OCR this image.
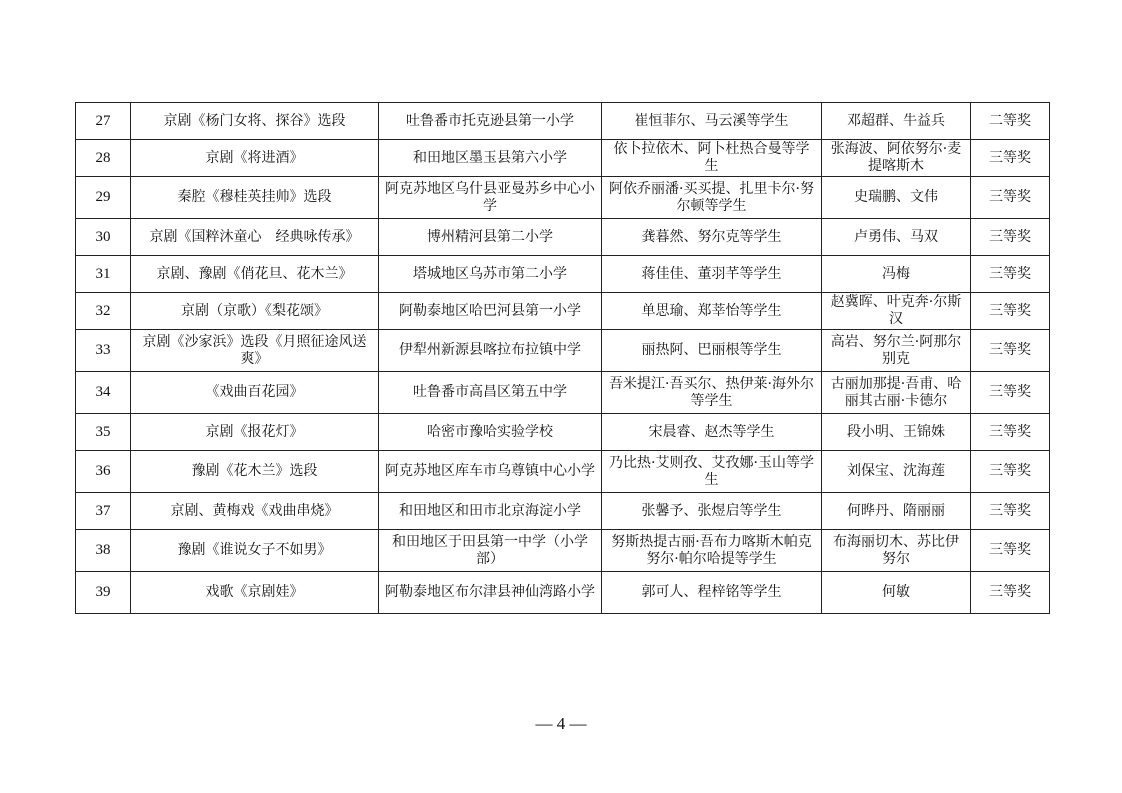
27	京剧《杨门女将、探谷》选段	吐鲁番市托克逊县第一小学	崔恒菲尔、马云溪等学生	邓超群、牛益兵	二等奖
28	京剧《将进酒》	和田地区墨玉县第六小学	依卜拉依木、阿卜杜热合曼等学生	张海波、阿依努尔·麦提喀斯木	三等奖
29	秦腔《穆桂英挂帅》选段	阿克苏地区乌什县亚曼苏乡中心小学	阿依乔丽潘·买买提、扎里卡尔·努尔顿等学生	史瑞鹏、文伟	三等奖
30	京剧《国粹沐童心　经典咏传承》	博州精河县第二小学	龚暮然、努尔克等学生	卢勇伟、马双	三等奖
31	京剧、豫剧《俏花旦、花木兰》	塔城地区乌苏市第二小学	蒋佳佳、董羽芊等学生	冯梅	三等奖
32	京剧（京歌）《梨花颂》	阿勒泰地区哈巴河县第一小学	单思瑜、郑莘怡等学生	赵冀晖、叶克奔·尔斯汉	三等奖
33	京剧《沙家浜》选段《月照征途风送爽》	伊犁州新源县喀拉布拉镇中学	丽热阿、巴丽根等学生	高岩、努尔兰·阿那尔别克	三等奖
34	《戏曲百花园》	吐鲁番市高昌区第五中学	吾米提江·吾买尔、热伊莱·海外尔等学生	古丽加那提·吾甫、哈丽其古丽·卡德尔	三等奖
35	京剧《报花灯》	哈密市豫哈实验学校	宋晨睿、赵杰等学生	段小明、王锦姝	三等奖
36	豫剧《花木兰》选段	阿克苏地区库车市乌尊镇中心小学	乃比热·艾则孜、艾孜娜·玉山等学生	刘保宝、沈海莲	三等奖
37	京剧、黄梅戏《戏曲串烧》	和田地区和田市北京海淀小学	张馨予、张煜启等学生	何晔丹、隋丽丽	三等奖
38	豫剧《谁说女子不如男》	和田地区于田县第一中学（小学部）	努斯热提古丽·吾布力喀斯木帕克努尔·帕尔哈提等学生	布海丽切木、苏比伊努尔	三等奖
39	戏歌《京剧娃》	阿勒泰地区布尔津县神仙湾路小学	郭可人、程梓铭等学生	何敏	三等奖
— 4 —
